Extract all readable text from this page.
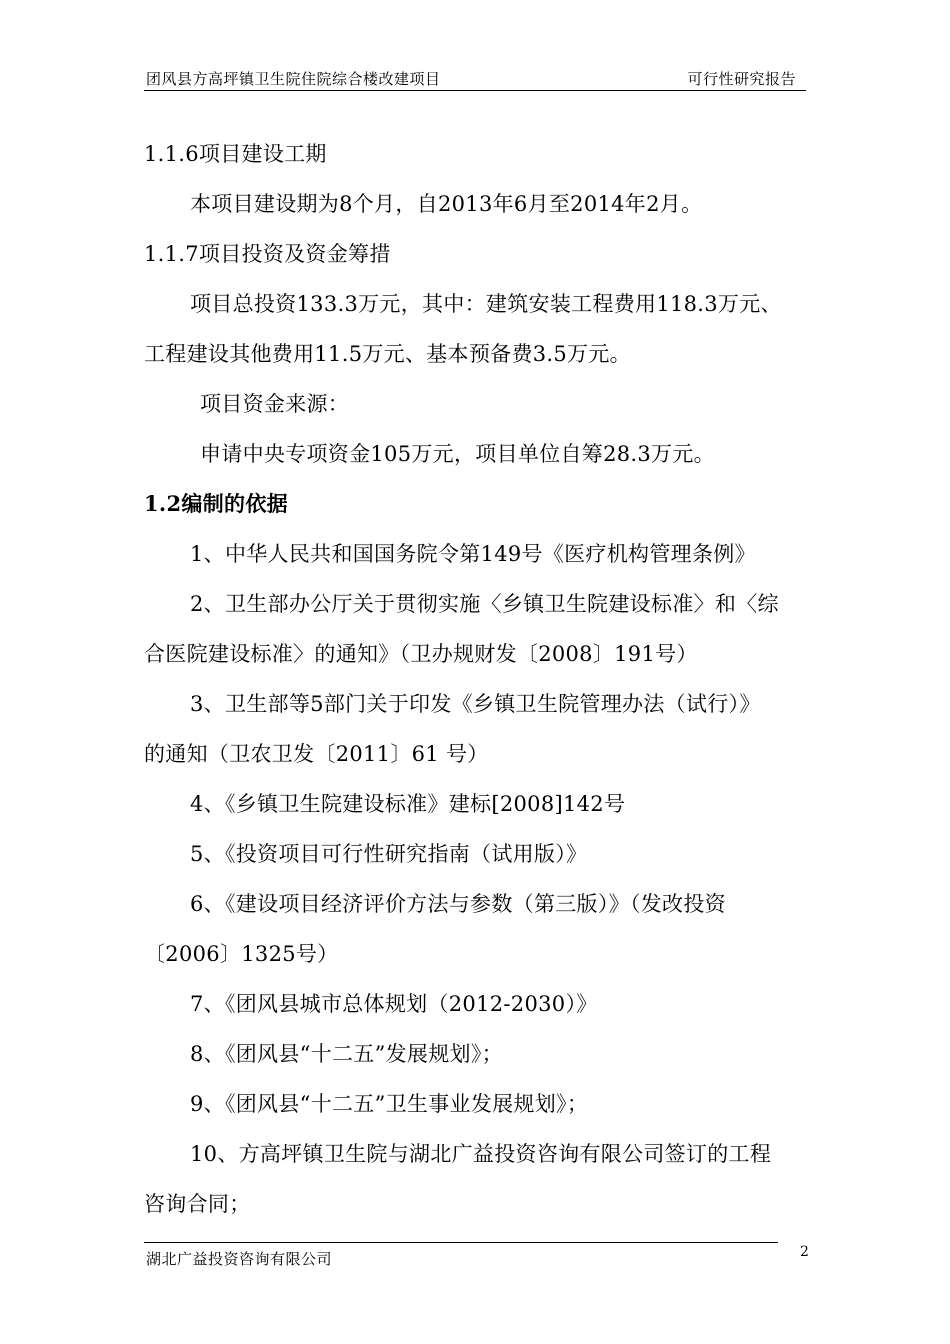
团风县方高坪镇卫生院住院综合楼改建项目	可行性研究报告
1.1.6项目建设工期
本项目建设期为8个月，自2013年6月至2014年2月。
1.1.7项目投资及资金筹措
项目总投资133.3万元，其中：建筑安装工程费用118.3万元、
工程建设其他费用11.5万元、基本预备费3.5万元。
项目资金来源：
申请中央专项资金105万元，项目单位自筹28.3万元。
1.2编制的依据
1、中华人民共和国国务院令第149号《医疗机构管理条例》
2、卫生部办公厅关于贯彻实施〈乡镇卫生院建设标准〉和〈综
合医院建设标准〉的通知》（卫办规财发〔2008〕191号）
3、卫生部等5部门关于印发《乡镇卫生院管理办法（试行）》
的通知（卫农卫发〔2011〕61 号）
4、《乡镇卫生院建设标准》建标[2008]142号
5、《投资项目可行性研究指南（试用版）》
6、《建设项目经济评价方法与参数（第三版）》（发改投资
〔2006〕1325号）
7、《团风县城市总体规划（2012-2030）》
8、《团风县“十二五”发展规划》；
9、《团风县“十二五”卫生事业发展规划》；
10、方高坪镇卫生院与湖北广益投资咨询有限公司签订的工程
咨询合同；
湖北广益投资咨询有限公司	2
